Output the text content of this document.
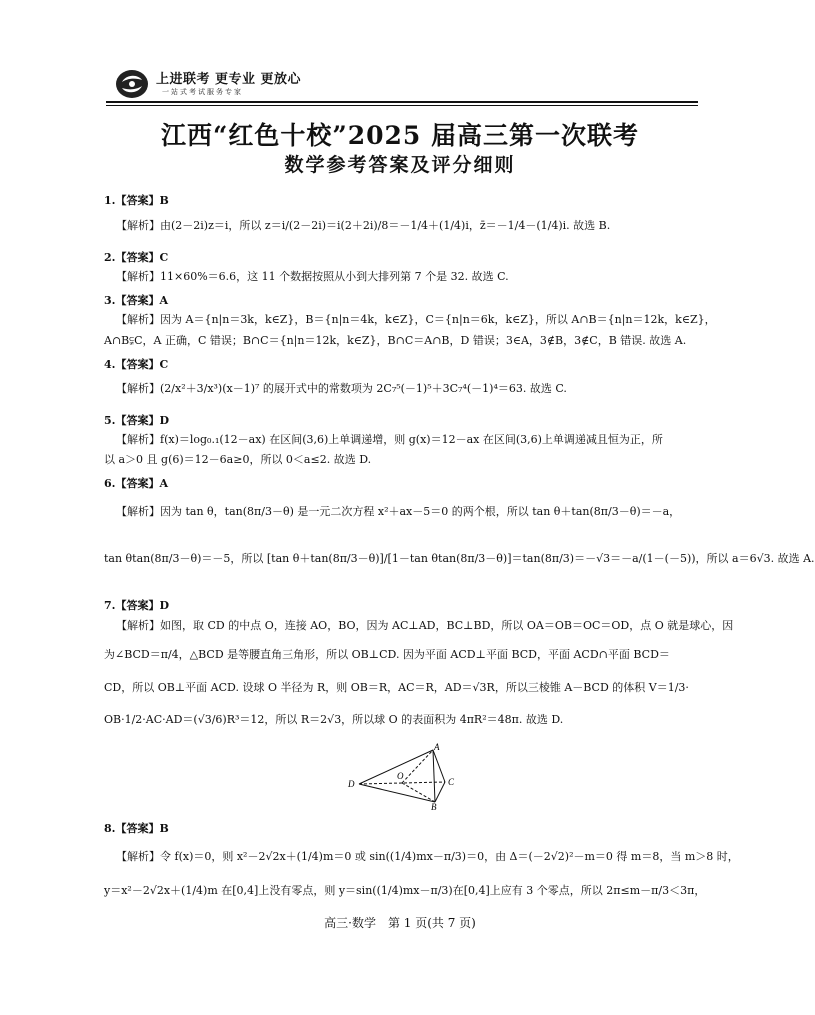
上进联考 更专业 更放心
一站式考试服务专家
江西“红色十校”2025 届高三第一次联考
数学参考答案及评分细则
1.【答案】B
【解析】由(2－2i)z＝i，所以 z＝i/(2－2i)＝i(2＋2i)/8＝－1/4＋(1/4)i，z̄＝－1/4－(1/4)i. 故选 B.
2.【答案】C
【解析】11×60%＝6.6，这 11 个数据按照从小到大排列第 7 个是 32. 故选 C.
3.【答案】A
【解析】因为 A＝{n|n＝3k，k∈Z}，B＝{n|n＝4k，k∈Z}，C＝{n|n＝6k，k∈Z}，所以 A∩B＝{n|n＝12k，k∈Z}，
A∩B⫋C，A 正确，C 错误；B∩C＝{n|n＝12k，k∈Z}，B∩C＝A∩B，D 错误；3∈A，3∉B，3∉C，B 错误. 故选 A.
4.【答案】C
【解析】(2/x²＋3/x³)(x－1)⁷ 的展开式中的常数项为 2C₇⁵(－1)⁵＋3C₇⁴(－1)⁴＝63. 故选 C.
5.【答案】D
【解析】f(x)＝log₀.₁(12－ax) 在区间(3,6)上单调递增，则 g(x)＝12－ax 在区间(3,6)上单调递减且恒为正，所
以 a＞0 且 g(6)＝12－6a≥0，所以 0＜a≤2. 故选 D.
6.【答案】A
【解析】因为 tan θ，tan(8π/3－θ) 是一元二次方程 x²＋ax－5＝0 的两个根，所以 tan θ＋tan(8π/3－θ)＝－a，
tan θtan(8π/3－θ)＝－5，所以 [tan θ＋tan(8π/3－θ)]/[1－tan θtan(8π/3－θ)]＝tan(8π/3)＝－√3＝－a/(1－(－5))，所以 a＝6√3. 故选 A.
7.【答案】D
【解析】如图，取 CD 的中点 O，连接 AO，BO，因为 AC⊥AD，BC⊥BD，所以 OA＝OB＝OC＝OD，点 O 就是球心，因
为∠BCD＝π/4，△BCD 是等腰直角三角形，所以 OB⊥CD. 因为平面 ACD⊥平面 BCD，平面 ACD∩平面 BCD＝
CD，所以 OB⊥平面 ACD. 设球 O 半径为 R，则 OB＝R，AC＝R，AD＝√3R，所以三棱锥 A－BCD 的体积 V＝1/3·
OB·1/2·AC·AD＝(√3/6)R³＝12，所以 R＝2√3，所以球 O 的表面积为 4πR²＝48π. 故选 D.
A
D
O
C
B
8.【答案】B
【解析】令 f(x)＝0，则 x²－2√2x＋(1/4)m＝0 或 sin((1/4)mx－π/3)＝0，由 Δ＝(－2√2)²－m＝0 得 m＝8，当 m＞8 时，
y＝x²－2√2x＋(1/4)m 在[0,4]上没有零点，则 y＝sin((1/4)mx－π/3)在[0,4]上应有 3 个零点，所以 2π≤m－π/3＜3π，
高三·数学　第 1 页(共 7 页)
